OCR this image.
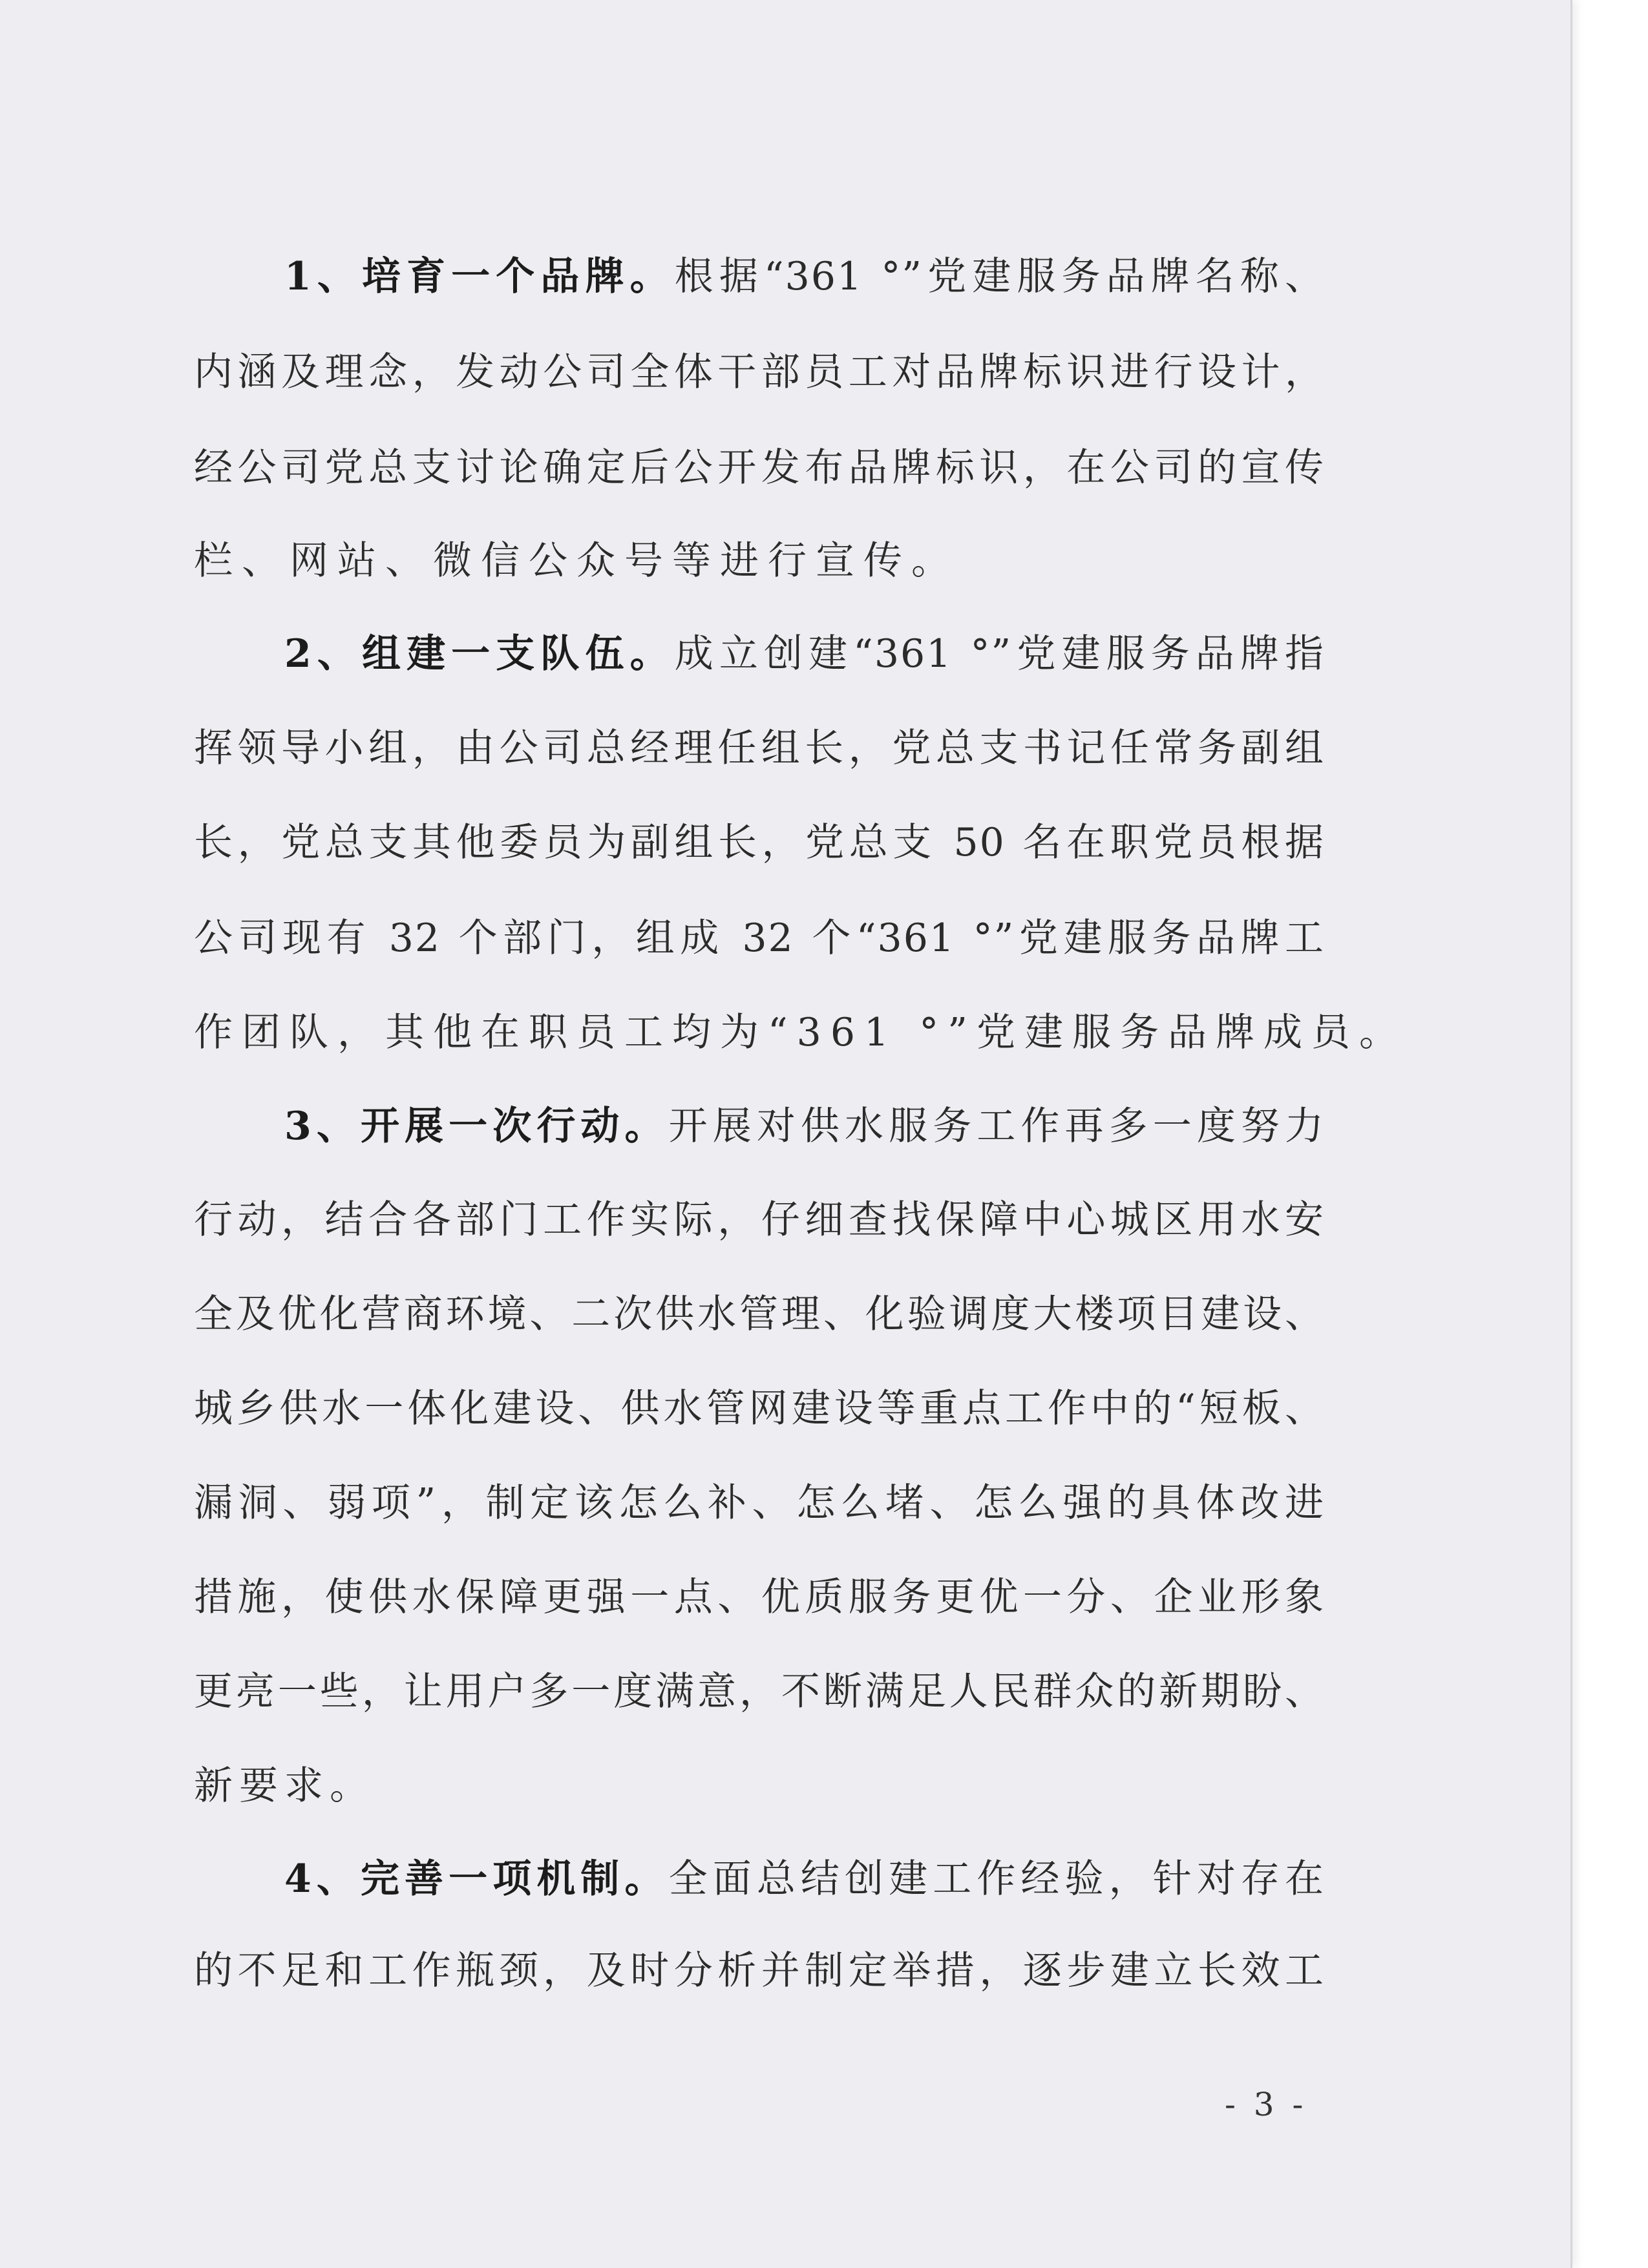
1、培育一个品牌。根据“361 °”党建服务品牌名称、
内涵及理念，发动公司全体干部员工对品牌标识进行设计，
经公司党总支讨论确定后公开发布品牌标识，在公司的宣传
栏、网站、微信公众号等进行宣传。
2、组建一支队伍。成立创建“361 °”党建服务品牌指
挥领导小组，由公司总经理任组长，党总支书记任常务副组
长，党总支其他委员为副组长，党总支 50 名在职党员根据
公司现有 32 个部门，组成 32 个“361 °”党建服务品牌工
作团队，其他在职员工均为“361 °”党建服务品牌成员。
3、开展一次行动。开展对供水服务工作再多一度努力
行动，结合各部门工作实际，仔细查找保障中心城区用水安
全及优化营商环境、二次供水管理、化验调度大楼项目建设、
城乡供水一体化建设、供水管网建设等重点工作中的“短板、
漏洞、弱项”，制定该怎么补、怎么堵、怎么强的具体改进
措施，使供水保障更强一点、优质服务更优一分、企业形象
更亮一些，让用户多一度满意，不断满足人民群众的新期盼、
新要求。
4、完善一项机制。全面总结创建工作经验，针对存在
的不足和工作瓶颈，及时分析并制定举措，逐步建立长效工
- 3 -
